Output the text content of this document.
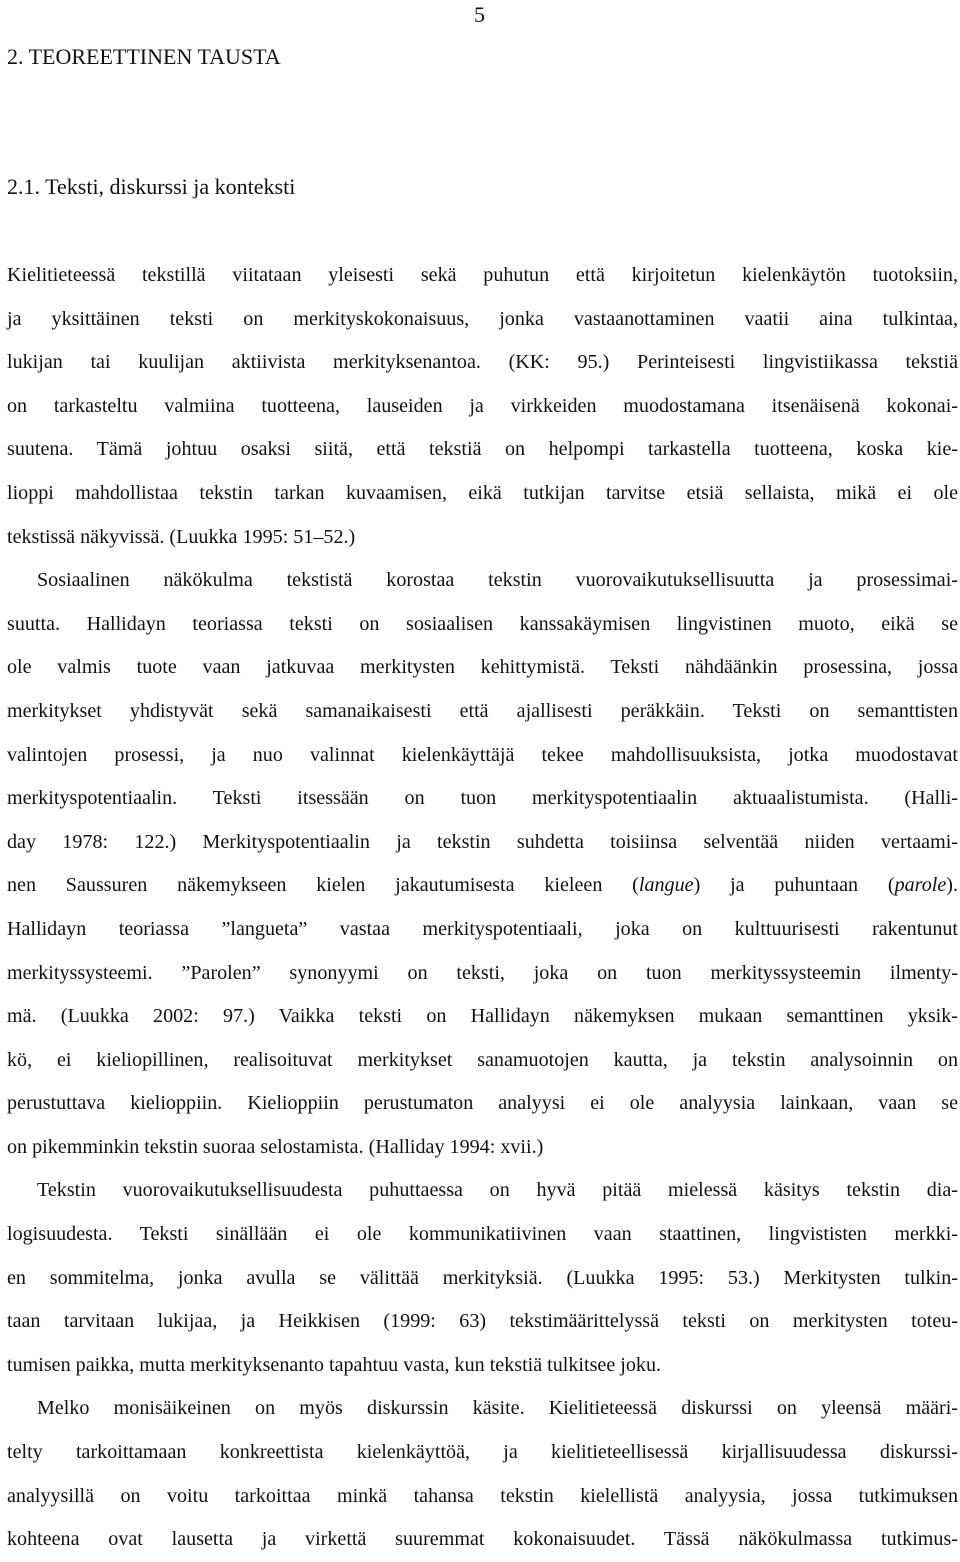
5
2. TEOREETTINEN TAUSTA
2.1. Teksti, diskurssi ja konteksti
Kielitieteessä tekstillä viitataan yleisesti sekä puhutun että kirjoitetun kielenkäytön tuotoksiin,
ja yksittäinen teksti on merkityskokonaisuus, jonka vastaanottaminen vaatii aina tulkintaa,
lukijan tai kuulijan aktiivista merkityksenantoa. (KK: 95.) Perinteisesti lingvistiikassa tekstiä
on tarkasteltu valmiina tuotteena, lauseiden ja virkkeiden muodostamana itsenäisenä kokonai-
suutena. Tämä johtuu osaksi siitä, että tekstiä on helpompi tarkastella tuotteena, koska kie-
lioppi mahdollistaa tekstin tarkan kuvaamisen, eikä tutkijan tarvitse etsiä sellaista, mikä ei ole
tekstissä näkyvissä. (Luukka 1995: 51–52.)
Sosiaalinen näkökulma tekstistä korostaa tekstin vuorovaikutuksellisuutta ja prosessimai-
suutta. Hallidayn teoriassa teksti on sosiaalisen kanssakäymisen lingvistinen muoto, eikä se
ole valmis tuote vaan jatkuvaa merkitysten kehittymistä. Teksti nähdäänkin prosessina, jossa
merkitykset yhdistyvät sekä samanaikaisesti että ajallisesti peräkkäin. Teksti on semanttisten
valintojen prosessi, ja nuo valinnat kielenkäyttäjä tekee mahdollisuuksista, jotka muodostavat
merkityspotentiaalin. Teksti itsessään on tuon merkityspotentiaalin aktuaalistumista. (Halli-
day 1978: 122.) Merkityspotentiaalin ja tekstin suhdetta toisiinsa selventää niiden vertaami-
nen Saussuren näkemykseen kielen jakautumisesta kieleen (langue) ja puhuntaan (parole).
Hallidayn teoriassa ”langueta” vastaa merkityspotentiaali, joka on kulttuurisesti rakentunut
merkityssysteemi. ”Parolen” synonyymi on teksti, joka on tuon merkityssysteemin ilmenty-
mä. (Luukka 2002: 97.) Vaikka teksti on Hallidayn näkemyksen mukaan semanttinen yksik-
kö, ei kieliopillinen, realisoituvat merkitykset sanamuotojen kautta, ja tekstin analysoinnin on
perustuttava kielioppiin. Kielioppiin perustumaton analyysi ei ole analyysia lainkaan, vaan se
on pikemminkin tekstin suoraa selostamista. (Halliday 1994: xvii.)
Tekstin vuorovaikutuksellisuudesta puhuttaessa on hyvä pitää mielessä käsitys tekstin dia-
logisuudesta. Teksti sinällään ei ole kommunikatiivinen vaan staattinen, lingvististen merkki-
en sommitelma, jonka avulla se välittää merkityksiä. (Luukka 1995: 53.) Merkitysten tulkin-
taan tarvitaan lukijaa, ja Heikkisen (1999: 63) tekstimäärittelyssä teksti on merkitysten toteu-
tumisen paikka, mutta merkityksenanto tapahtuu vasta, kun tekstiä tulkitsee joku.
Melko monisäikeinen on myös diskurssin käsite. Kielitieteessä diskurssi on yleensä määri-
telty tarkoittamaan konkreettista kielenkäyttöä, ja kielitieteellisessä kirjallisuudessa diskurssi-
analyysillä on voitu tarkoittaa minkä tahansa tekstin kielellistä analyysia, jossa tutkimuksen
kohteena ovat lausetta ja virkettä suuremmat kokonaisuudet. Tässä näkökulmassa tutkimus-
